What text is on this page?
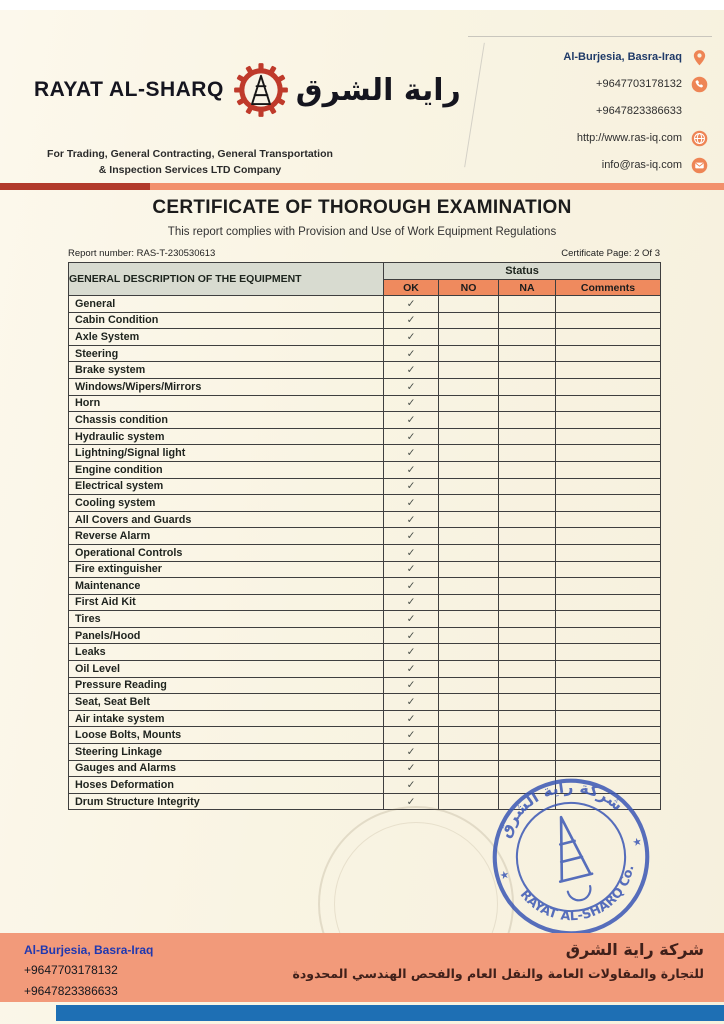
RAYAT AL-SHARQ راية الشرق
For Trading, General Contracting, General Transportation
& Inspection Services LTD Company
Al-Burjesia, Basra-Iraq
+9647703178132
+9647823386633
http://www.ras-iq.com
info@ras-iq.com
CERTIFICATE OF THOROUGH EXAMINATION
This report complies with Provision and Use of Work Equipment Regulations
Report number: RAS-T-230530613	Certificate Page: 2 Of 3
GENERAL DESCRIPTION OF THE EQUIPMENT	Status			
	OK	NO	NA	Comments
General	✓			
Cabin Condition	✓			
Axle System	✓			
Steering	✓			
Brake system	✓			
Windows/Wipers/Mirrors	✓			
Horn	✓			
Chassis condition	✓			
Hydraulic system	✓			
Lightning/Signal light	✓			
Engine condition	✓			
Electrical system	✓			
Cooling system	✓			
All Covers and Guards	✓			
Reverse Alarm	✓			
Operational Controls	✓			
Fire extinguisher	✓			
Maintenance	✓			
First Aid Kit	✓			
Tires	✓			
Panels/Hood	✓			
Leaks	✓			
Oil Level	✓			
Pressure Reading	✓			
Seat, Seat Belt	✓			
Air intake system	✓			
Loose Bolts, Mounts	✓			
Steering Linkage	✓			
Gauges and Alarms	✓			
Hoses Deformation	✓			
Drum Structure Integrity	✓			
شركة راية الشرق
RAYAT AL-SHARQ Co.
★
★
Al-Burjesia, Basra-Iraq
+9647703178132
+9647823386633
شركة راية الشرق
للتجارة والمقاولات العامة والنقل العام والفحص الهندسي المحدودة
